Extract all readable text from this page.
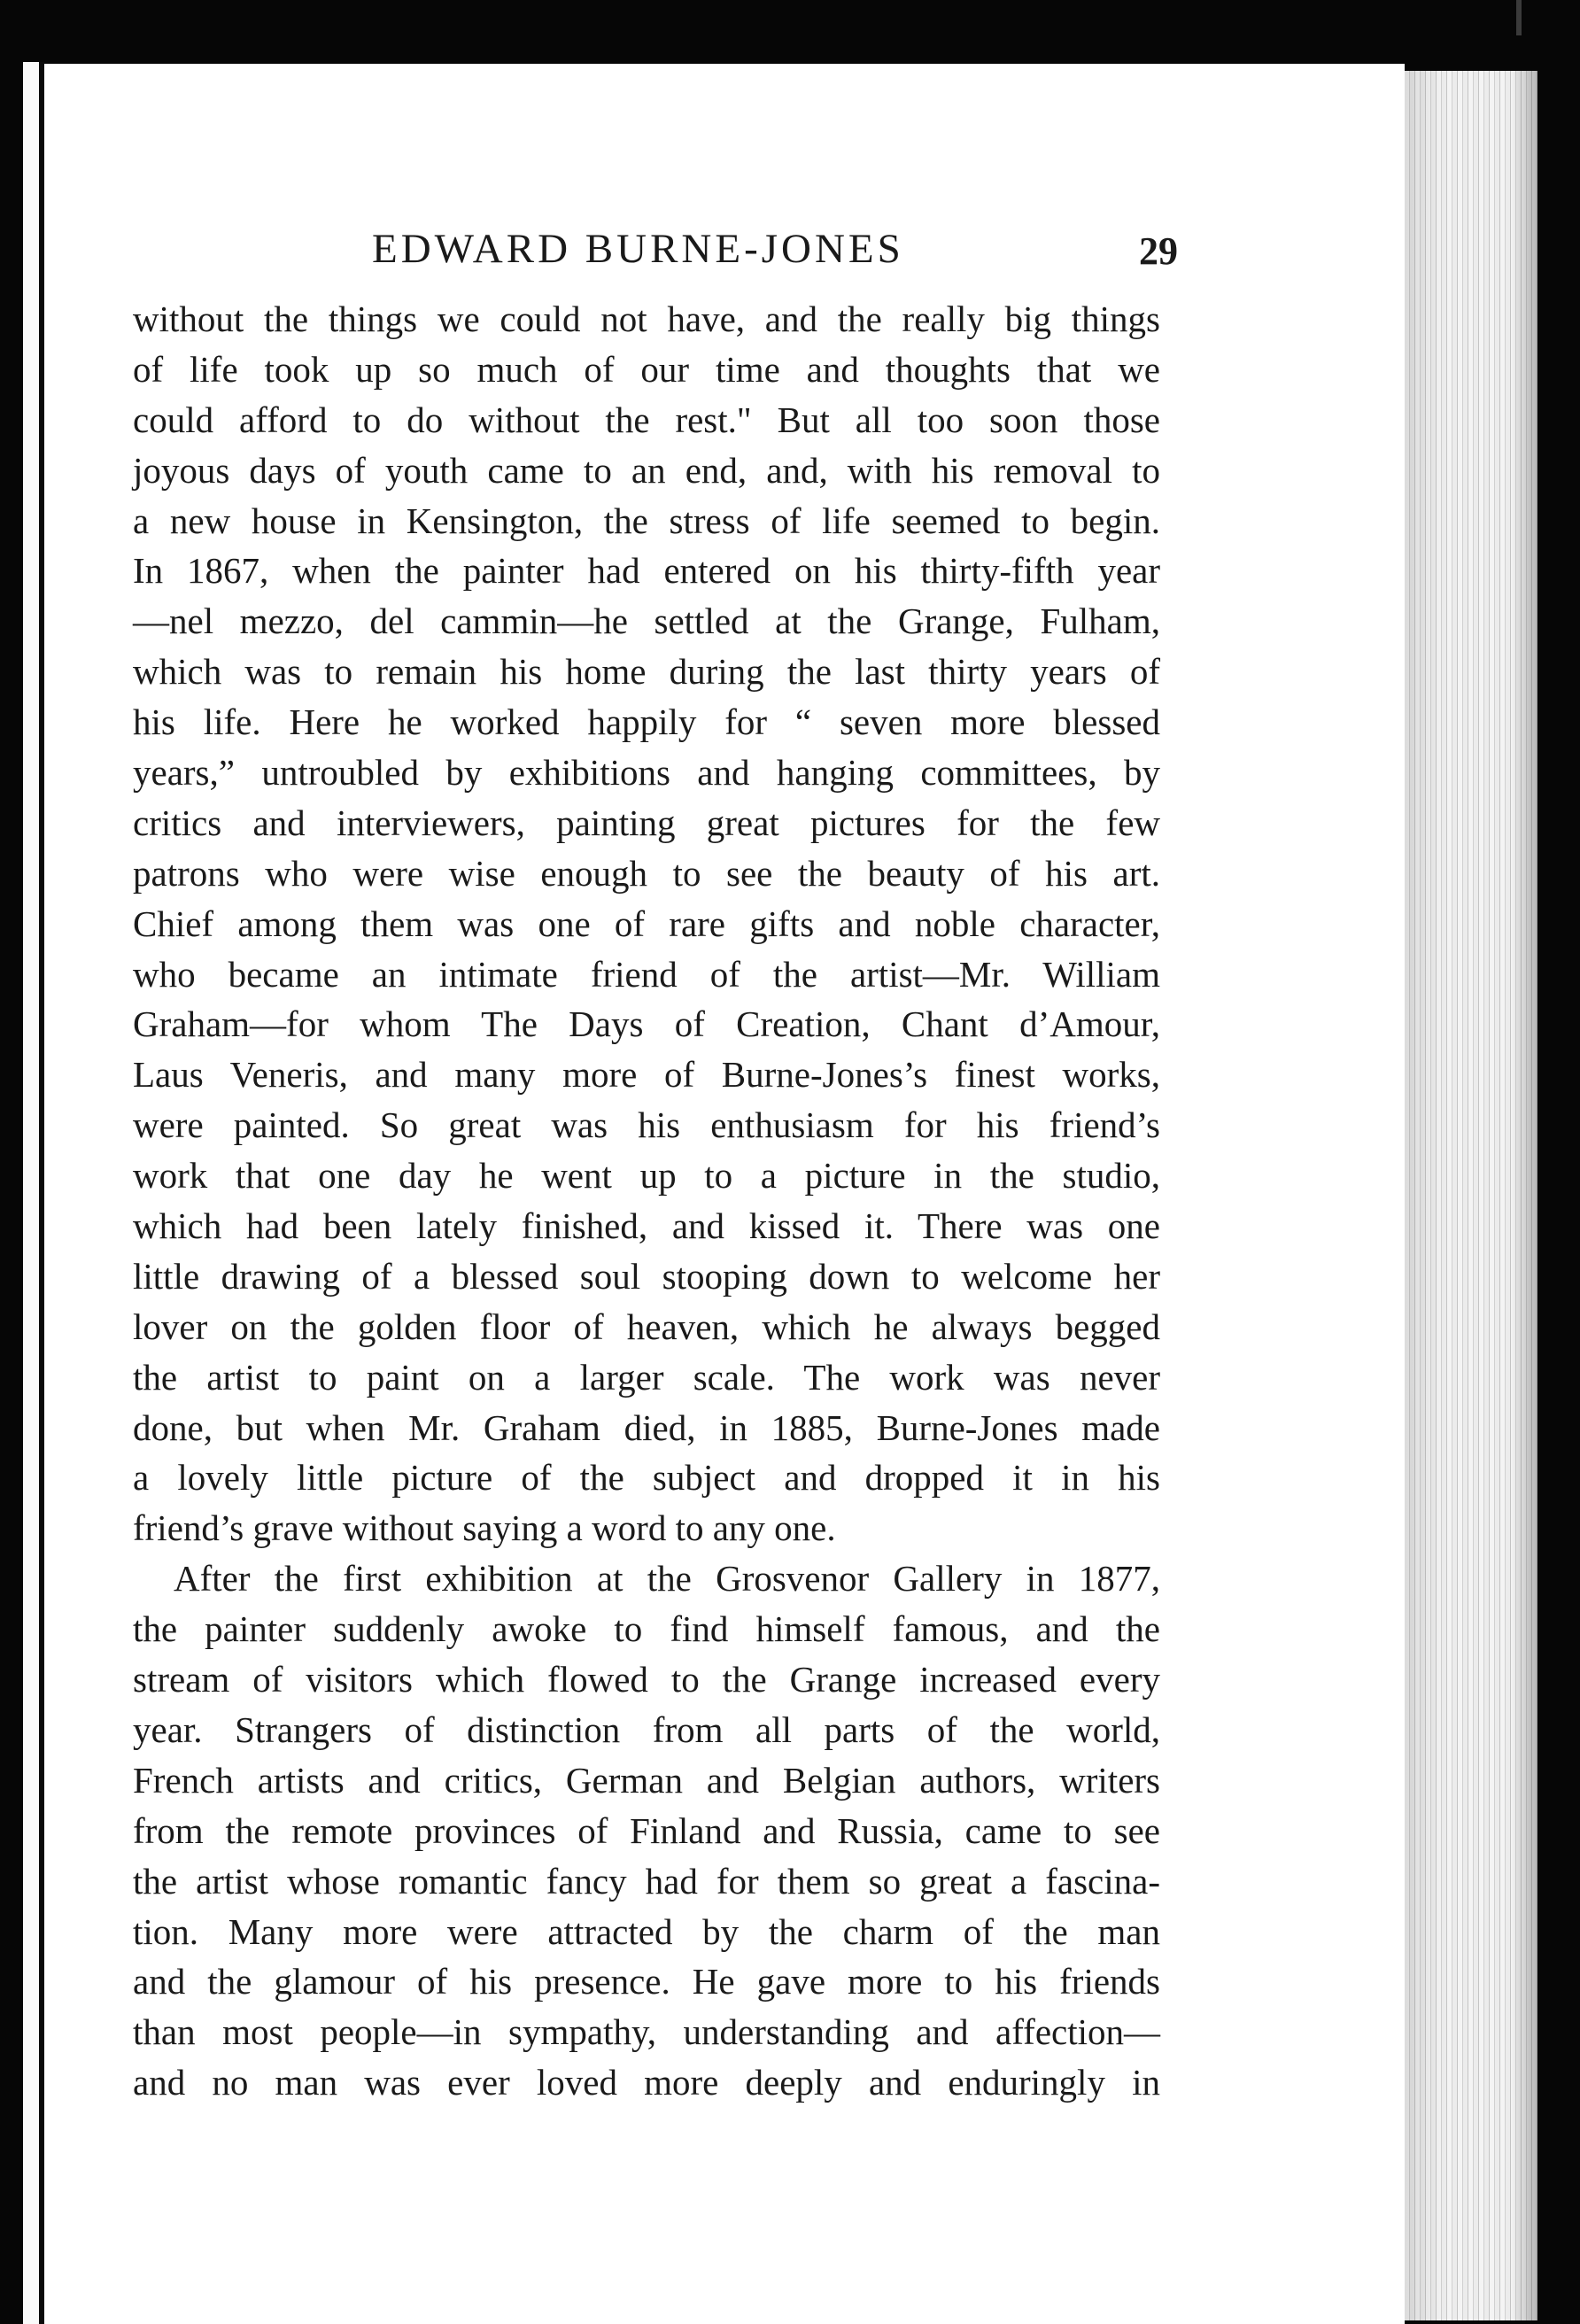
EDWARD BURNE-JONES	29
without the things we could not have, and the really big things
of life took up so much of our time and thoughts that we
could afford to do without the rest." But all too soon those
joyous days of youth came to an end, and, with his removal to
a new house in Kensington, the stress of life seemed to begin.
In 1867, when the painter had entered on his thirty-fifth year
—nel mezzo, del cammin—he settled at the Grange, Fulham,
which was to remain his home during the last thirty years of
his life. Here he worked happily for “ seven more blessed
years,” untroubled by exhibitions and hanging committees, by
critics and interviewers, painting great pictures for the few
patrons who were wise enough to see the beauty of his art.
Chief among them was one of rare gifts and noble character,
who became an intimate friend of the artist—Mr. William
Graham—for whom The Days of Creation, Chant d’Amour,
Laus Veneris, and many more of Burne-Jones’s finest works,
were painted. So great was his enthusiasm for his friend’s
work that one day he went up to a picture in the studio,
which had been lately finished, and kissed it. There was one
little drawing of a blessed soul stooping down to welcome her
lover on the golden floor of heaven, which he always begged
the artist to paint on a larger scale. The work was never
done, but when Mr. Graham died, in 1885, Burne-Jones made
a lovely little picture of the subject and dropped it in his
friend’s grave without saying a word to any one.
After the first exhibition at the Grosvenor Gallery in 1877,
the painter suddenly awoke to find himself famous, and the
stream of visitors which flowed to the Grange increased every
year. Strangers of distinction from all parts of the world,
French artists and critics, German and Belgian authors, writers
from the remote provinces of Finland and Russia, came to see
the artist whose romantic fancy had for them so great a fascina-
tion. Many more were attracted by the charm of the man
and the glamour of his presence. He gave more to his friends
than most people—in sympathy, understanding and affection—
and no man was ever loved more deeply and enduringly in
